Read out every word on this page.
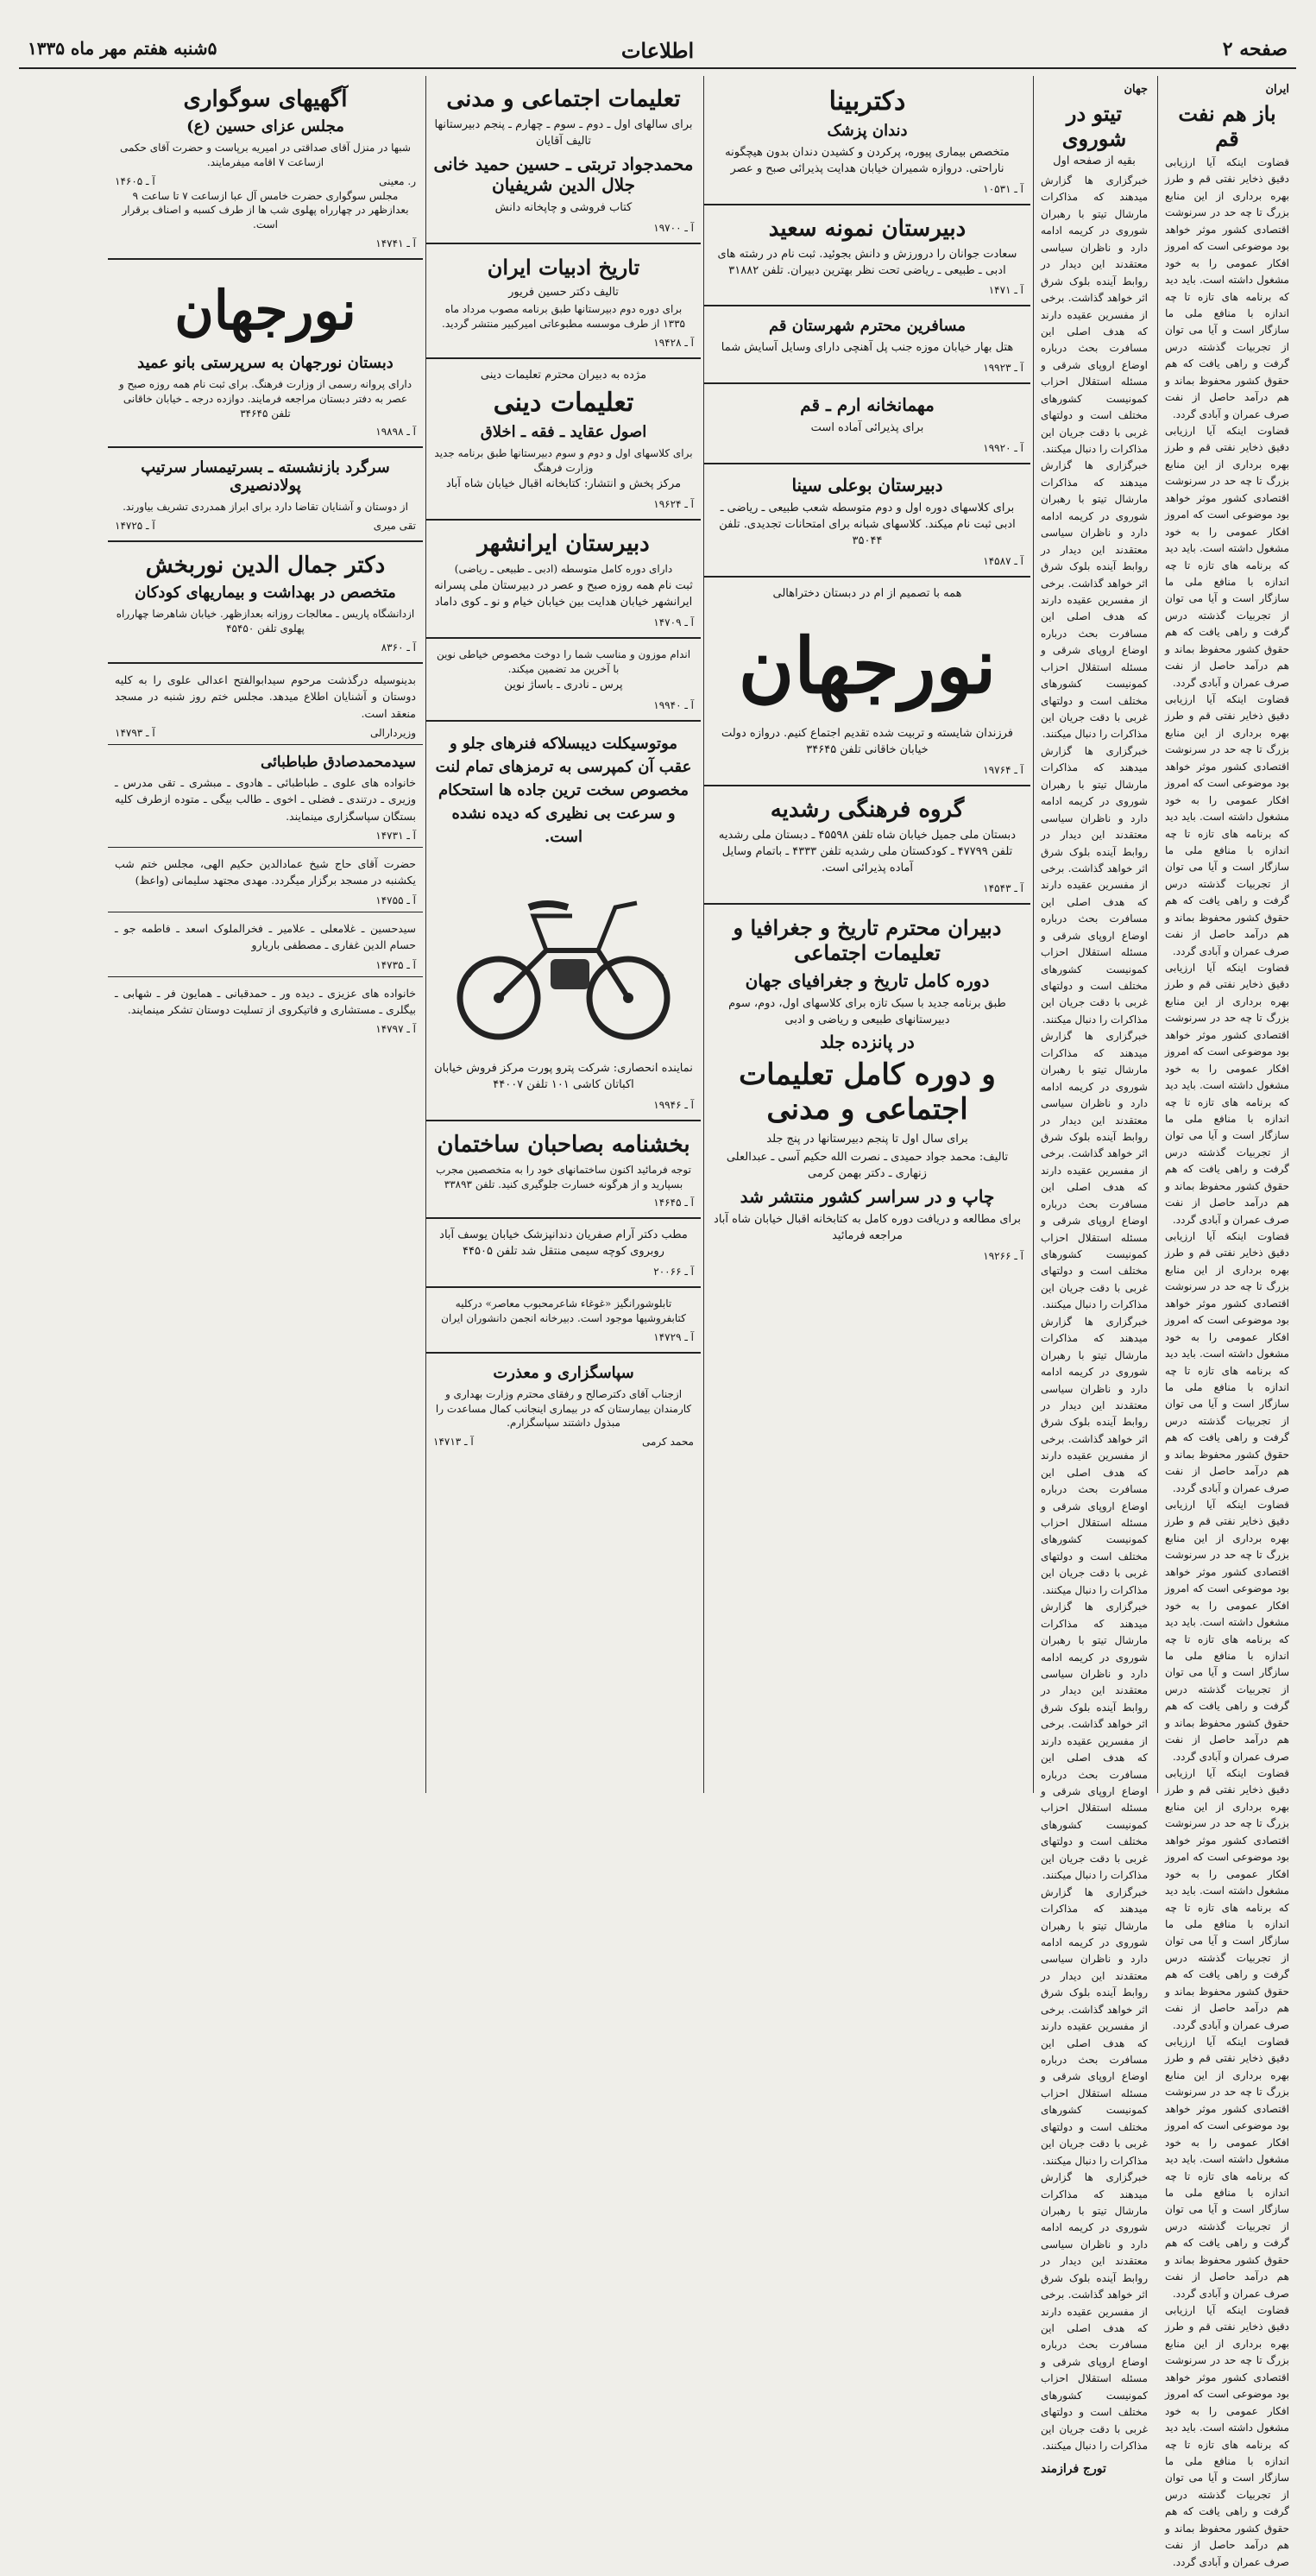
صفحه ۲
اطلاعات
۵شنبه هفتم مهر ماه ۱۳۳۵
ایران
باز هم نفت قم

قضاوت اینکه آیا ارزیابی دقیق ذخایر نفتی قم و طرز بهره برداری از این منابع بزرگ تا چه حد در سرنوشت اقتصادی کشور موثر خواهد بود موضوعی است که امروز افکار عمومی را به خود مشغول داشته است. باید دید که برنامه های تازه تا چه اندازه با منافع ملی ما سازگار است و آیا می توان از تجربیات گذشته درس گرفت و راهی یافت که هم حقوق کشور محفوظ بماند و هم درآمد حاصل از نفت صرف عمران و آبادی گردد.

قضاوت اینکه آیا ارزیابی دقیق ذخایر نفتی قم و طرز بهره برداری از این منابع بزرگ تا چه حد در سرنوشت اقتصادی کشور موثر خواهد بود موضوعی است که امروز افکار عمومی را به خود مشغول داشته است. باید دید که برنامه های تازه تا چه اندازه با منافع ملی ما سازگار است و آیا می توان از تجربیات گذشته درس گرفت و راهی یافت که هم حقوق کشور محفوظ بماند و هم درآمد حاصل از نفت صرف عمران و آبادی گردد.

قضاوت اینکه آیا ارزیابی دقیق ذخایر نفتی قم و طرز بهره برداری از این منابع بزرگ تا چه حد در سرنوشت اقتصادی کشور موثر خواهد بود موضوعی است که امروز افکار عمومی را به خود مشغول داشته است. باید دید که برنامه های تازه تا چه اندازه با منافع ملی ما سازگار است و آیا می توان از تجربیات گذشته درس گرفت و راهی یافت که هم حقوق کشور محفوظ بماند و هم درآمد حاصل از نفت صرف عمران و آبادی گردد.

قضاوت اینکه آیا ارزیابی دقیق ذخایر نفتی قم و طرز بهره برداری از این منابع بزرگ تا چه حد در سرنوشت اقتصادی کشور موثر خواهد بود موضوعی است که امروز افکار عمومی را به خود مشغول داشته است. باید دید که برنامه های تازه تا چه اندازه با منافع ملی ما سازگار است و آیا می توان از تجربیات گذشته درس گرفت و راهی یافت که هم حقوق کشور محفوظ بماند و هم درآمد حاصل از نفت صرف عمران و آبادی گردد.

قضاوت اینکه آیا ارزیابی دقیق ذخایر نفتی قم و طرز بهره برداری از این منابع بزرگ تا چه حد در سرنوشت اقتصادی کشور موثر خواهد بود موضوعی است که امروز افکار عمومی را به خود مشغول داشته است. باید دید که برنامه های تازه تا چه اندازه با منافع ملی ما سازگار است و آیا می توان از تجربیات گذشته درس گرفت و راهی یافت که هم حقوق کشور محفوظ بماند و هم درآمد حاصل از نفت صرف عمران و آبادی گردد.

قضاوت اینکه آیا ارزیابی دقیق ذخایر نفتی قم و طرز بهره برداری از این منابع بزرگ تا چه حد در سرنوشت اقتصادی کشور موثر خواهد بود موضوعی است که امروز افکار عمومی را به خود مشغول داشته است. باید دید که برنامه های تازه تا چه اندازه با منافع ملی ما سازگار است و آیا می توان از تجربیات گذشته درس گرفت و راهی یافت که هم حقوق کشور محفوظ بماند و هم درآمد حاصل از نفت صرف عمران و آبادی گردد.

قضاوت اینکه آیا ارزیابی دقیق ذخایر نفتی قم و طرز بهره برداری از این منابع بزرگ تا چه حد در سرنوشت اقتصادی کشور موثر خواهد بود موضوعی است که امروز افکار عمومی را به خود مشغول داشته است. باید دید که برنامه های تازه تا چه اندازه با منافع ملی ما سازگار است و آیا می توان از تجربیات گذشته درس گرفت و راهی یافت که هم حقوق کشور محفوظ بماند و هم درآمد حاصل از نفت صرف عمران و آبادی گردد.

قضاوت اینکه آیا ارزیابی دقیق ذخایر نفتی قم و طرز بهره برداری از این منابع بزرگ تا چه حد در سرنوشت اقتصادی کشور موثر خواهد بود موضوعی است که امروز افکار عمومی را به خود مشغول داشته است. باید دید که برنامه های تازه تا چه اندازه با منافع ملی ما سازگار است و آیا می توان از تجربیات گذشته درس گرفت و راهی یافت که هم حقوق کشور محفوظ بماند و هم درآمد حاصل از نفت صرف عمران و آبادی گردد.

قضاوت اینکه آیا ارزیابی دقیق ذخایر نفتی قم و طرز بهره برداری از این منابع بزرگ تا چه حد در سرنوشت اقتصادی کشور موثر خواهد بود موضوعی است که امروز افکار عمومی را به خود مشغول داشته است. باید دید که برنامه های تازه تا چه اندازه با منافع ملی ما سازگار است و آیا می توان از تجربیات گذشته درس گرفت و راهی یافت که هم حقوق کشور محفوظ بماند و هم درآمد حاصل از نفت صرف عمران و آبادی گردد.

جهان
تیتو در شوروی
بقیه از صفحه اول

خبرگزاری ها گزارش میدهند که مذاکرات مارشال تیتو با رهبران شوروی در کریمه ادامه دارد و ناظران سیاسی معتقدند این دیدار در روابط آینده بلوک شرق اثر خواهد گذاشت. برخی از مفسرین عقیده دارند که هدف اصلی این مسافرت بحث درباره اوضاع اروپای شرقی و مسئله استقلال احزاب کمونیست کشورهای مختلف است و دولتهای غربی با دقت جریان این مذاکرات را دنبال میکنند.

خبرگزاری ها گزارش میدهند که مذاکرات مارشال تیتو با رهبران شوروی در کریمه ادامه دارد و ناظران سیاسی معتقدند این دیدار در روابط آینده بلوک شرق اثر خواهد گذاشت. برخی از مفسرین عقیده دارند که هدف اصلی این مسافرت بحث درباره اوضاع اروپای شرقی و مسئله استقلال احزاب کمونیست کشورهای مختلف است و دولتهای غربی با دقت جریان این مذاکرات را دنبال میکنند.

خبرگزاری ها گزارش میدهند که مذاکرات مارشال تیتو با رهبران شوروی در کریمه ادامه دارد و ناظران سیاسی معتقدند این دیدار در روابط آینده بلوک شرق اثر خواهد گذاشت. برخی از مفسرین عقیده دارند که هدف اصلی این مسافرت بحث درباره اوضاع اروپای شرقی و مسئله استقلال احزاب کمونیست کشورهای مختلف است و دولتهای غربی با دقت جریان این مذاکرات را دنبال میکنند.

خبرگزاری ها گزارش میدهند که مذاکرات مارشال تیتو با رهبران شوروی در کریمه ادامه دارد و ناظران سیاسی معتقدند این دیدار در روابط آینده بلوک شرق اثر خواهد گذاشت. برخی از مفسرین عقیده دارند که هدف اصلی این مسافرت بحث درباره اوضاع اروپای شرقی و مسئله استقلال احزاب کمونیست کشورهای مختلف است و دولتهای غربی با دقت جریان این مذاکرات را دنبال میکنند.

خبرگزاری ها گزارش میدهند که مذاکرات مارشال تیتو با رهبران شوروی در کریمه ادامه دارد و ناظران سیاسی معتقدند این دیدار در روابط آینده بلوک شرق اثر خواهد گذاشت. برخی از مفسرین عقیده دارند که هدف اصلی این مسافرت بحث درباره اوضاع اروپای شرقی و مسئله استقلال احزاب کمونیست کشورهای مختلف است و دولتهای غربی با دقت جریان این مذاکرات را دنبال میکنند.

خبرگزاری ها گزارش میدهند که مذاکرات مارشال تیتو با رهبران شوروی در کریمه ادامه دارد و ناظران سیاسی معتقدند این دیدار در روابط آینده بلوک شرق اثر خواهد گذاشت. برخی از مفسرین عقیده دارند که هدف اصلی این مسافرت بحث درباره اوضاع اروپای شرقی و مسئله استقلال احزاب کمونیست کشورهای مختلف است و دولتهای غربی با دقت جریان این مذاکرات را دنبال میکنند.

خبرگزاری ها گزارش میدهند که مذاکرات مارشال تیتو با رهبران شوروی در کریمه ادامه دارد و ناظران سیاسی معتقدند این دیدار در روابط آینده بلوک شرق اثر خواهد گذاشت. برخی از مفسرین عقیده دارند که هدف اصلی این مسافرت بحث درباره اوضاع اروپای شرقی و مسئله استقلال احزاب کمونیست کشورهای مختلف است و دولتهای غربی با دقت جریان این مذاکرات را دنبال میکنند.

خبرگزاری ها گزارش میدهند که مذاکرات مارشال تیتو با رهبران شوروی در کریمه ادامه دارد و ناظران سیاسی معتقدند این دیدار در روابط آینده بلوک شرق اثر خواهد گذاشت. برخی از مفسرین عقیده دارند که هدف اصلی این مسافرت بحث درباره اوضاع اروپای شرقی و مسئله استقلال احزاب کمونیست کشورهای مختلف است و دولتهای غربی با دقت جریان این مذاکرات را دنبال میکنند.

تورج فرازمند
دکتربینا
دندان پزشک
متخصص بیماری پیوره، پرکردن و کشیدن دندان بدون هیچگونه ناراحتی. دروازه شمیران خیابان هدایت پذیرائی صبح و عصر
آ ـ ۱۰۵۳۱
دبیرستان نمونه سعید
سعادت جوانان را درورزش و دانش بجوئید. ثبت نام در رشته های ادبی ـ طبیعی ـ ریاضی تحت نظر بهترین دبیران. تلفن ۳۱۸۸۲
آ ـ ۱۴۷۱
مسافرین محترم شهرستان قم
هتل بهار خیابان موزه جنب پل آهنچی دارای وسایل آسایش شما
آ ـ ۱۹۹۲۳
مهمانخانه ارم ـ قم
برای پذیرائی آماده است
آ ـ ۱۹۹۲۰
دبیرستان بوعلی سینا
برای کلاسهای دوره اول و دوم متوسطه شعب طبیعی ـ ریاضی ـ ادبی ثبت نام میکند. کلاسهای شبانه برای امتحانات تجدیدی. تلفن ۳۵۰۴۴
آ ـ ۱۴۵۸۷
همه با تصمیم از ام در دبستان دختراهالی
نورجهان
فرزندان شایسته و تربیت شده تقدیم اجتماع کنیم. دروازه دولت خیابان خاقانی تلفن ۳۴۶۴۵
آ ـ ۱۹۷۶۴
گروه فرهنگی رشدیه
دبستان ملی جمیل خیابان شاه تلفن ۴۵۵۹۸ ـ دبستان ملی رشدیه تلفن ۴۷۷۹۹ ـ کودکستان ملی رشدیه تلفن ۴۳۳۳ ـ باتمام وسایل آماده پذیرائی است.
آ ـ ۱۴۵۴۳
دبیران محترم تاریخ و جغرافیا و تعلیمات اجتماعی
دوره کامل تاریخ و جغرافیای جهان
طبق برنامه جدید با سبک تازه برای کلاسهای اول، دوم، سوم دبیرستانهای طبیعی و ریاضی و ادبی
در پانزده جلد
و دوره کامل تعلیمات اجتماعی و مدنی
برای سال اول تا پنجم دبیرستانها در پنج جلد
تالیف: محمد جواد حمیدی ـ نصرت الله حکیم آسی ـ عبدالعلی زنهاری ـ دکتر بهمن کرمی
چاپ و در سراسر کشور منتشر شد
برای مطالعه و دریافت دوره کامل به کتابخانه اقبال خیابان شاه آباد مراجعه فرمائید
آ ـ ۱۹۲۶۶
تعلیمات اجتماعی و مدنی
برای سالهای اول ـ دوم ـ سوم ـ چهارم ـ پنجم دبیرستانها تالیف آقایان
محمدجواد تربتی ـ حسین حمید خانی جلال الدین شریفیان
کتاب فروشی و چاپخانه دانش
آ ـ ۱۹۷۰۰
تاریخ ادبیات ایران
تالیف دکتر حسین فریور
برای دوره دوم دبیرستانها طبق برنامه مصوب مرداد ماه ۱۳۳۵ از طرف موسسه مطبوعاتی امیرکبیر منتشر گردید.
آ ـ ۱۹۴۲۸
مژده به دبیران محترم تعلیمات دینی
تعلیمات دینی
اصول عقاید ـ فقه ـ اخلاق
برای کلاسهای اول و دوم و سوم دبیرستانها طبق برنامه جدید وزارت فرهنگ
مرکز پخش و انتشار: کتابخانه اقبال خیابان شاه آباد
آ ـ ۱۹۶۲۴
دبیرستان ایرانشهر
دارای دوره کامل متوسطه (ادبی ـ طبیعی ـ ریاضی)
ثبت نام همه روزه صبح و عصر در دبیرستان ملی پسرانه ایرانشهر خیابان هدایت بین خیابان خیام و نو ـ کوی داماد
آ ـ ۱۴۷۰۹
اندام موزون و مناسب شما را دوخت مخصوص خیاطی نوین با آخرین مد تضمین میکند.
پرس ـ نادری ـ باساژ نوین
آ ـ ۱۹۹۴۰
موتوسیکلت دیبسلاکه فنرهای جلو و عقب آن کمپرسی به ترمزهای تمام لنت مخصوص سخت ترین جاده ها استحکام و سرعت بی نظیری که دیده نشده است.
نماینده انحصاری: شرکت پترو پورت مرکز فروش خیابان اکباتان کاشی ۱۰۱ تلفن ۴۴۰۰۷
آ ـ ۱۹۹۴۶
بخشنامه بصاحبان ساختمان
توجه فرمائید اکنون ساختمانهای خود را به متخصصین مجرب بسپارید و از هرگونه خسارت جلوگیری کنید. تلفن ۳۳۸۹۳
آ ـ ۱۴۶۴۵
مطب دکتر آرام صفریان دندانپزشک خیابان یوسف آباد روبروی کوچه سیمی منتقل شد تلفن ۴۴۵۰۵
آ ـ ۲۰۰۶۶
تابلوشورانگیز «غوغاء شاعرمحبوب معاصر» درکلیه کتابفروشیها موجود است. دبیرخانه انجمن دانشوران ایران
آ ـ ۱۴۷۲۹
سپاسگزاری و معذرت
ازجناب آقای دکترصالح و رفقای محترم وزارت بهداری و کارمندان بیمارستان که در بیماری اینجانب کمال مساعدت را مبذول داشتند سپاسگزارم.
محمد کرمی
آ ـ ۱۴۷۱۳
آگهیهای سوگواری
مجلس عزای حسین (ع)
شبها در منزل آقای صداقتی در امیریه برپاست و حضرت آقای حکمی ازساعت ۷ اقامه میفرمایند.
ر. معینی
آ ـ ۱۴۶۰۵
مجلس سوگواری حضرت خامس آل عبا ازساعت ۷ تا ساعت ۹ بعدازظهر در چهارراه پهلوی شب ها از طرف کسبه و اصناف برقرار است.
آ ـ ۱۴۷۴۱
نورجهان
دبستان نورجهان به سرپرستی بانو عمید
دارای پروانه رسمی از وزارت فرهنگ. برای ثبت نام همه روزه صبح و عصر به دفتر دبستان مراجعه فرمایند. دوازده درجه ـ خیابان خاقانی تلفن ۳۴۶۴۵
آ ـ ۱۹۸۹۸
سرگرد بازنشسته ـ بسرتیمسار سرتیپ پولادنصیری
از دوستان و آشنایان تقاضا دارد برای ابراز همدردی تشریف بیاورند.
تقی میری
آ ـ ۱۴۷۲۵
دکتر جمال الدین نوربخش
متخصص در بهداشت و بیماریهای کودکان
ازدانشگاه پاریس ـ معالجات روزانه بعدازظهر. خیابان شاهرضا چهارراه پهلوی تلفن ۴۵۴۵۰
آ ـ ۸۳۶۰

بدینوسیله درگذشت مرحوم سیدابوالفتح اعدالی علوی را به کلیه دوستان و آشنایان اطلاع میدهد. مجلس ختم روز شنبه در مسجد منعقد است.

وزیردارالی
آ ـ ۱۴۷۹۳
سیدمحمدصادق طباطبائی

خانواده های علوی ـ طباطبائی ـ هادوی ـ مبشری ـ تقی مدرس ـ وزیری ـ درتندی ـ فضلی ـ اخوی ـ طالب بیگی ـ متوده ازطرف کلیه بستگان سپاسگزاری مینمایند.

آ ـ ۱۴۷۳۱

حضرت آقای حاج شیخ عمادالدین حکیم الهی، مجلس ختم شب یکشنبه در مسجد برگزار میگردد. مهدی مجتهد سلیمانی (واعظ)

آ ـ ۱۴۷۵۵

سیدحسین ـ غلامعلی ـ علامیر ـ فخرالملوک اسعد ـ فاطمه جو ـ حسام الدین غفاری ـ مصطفی باریارو

آ ـ ۱۴۷۳۵

خانواده های عزیزی ـ دیده ور ـ حمدقبانی ـ همایون فر ـ شهابی ـ بیگلری ـ مستشاری و فاتیکروی از تسلیت دوستان تشکر مینمایند.

آ ـ ۱۴۷۹۷
